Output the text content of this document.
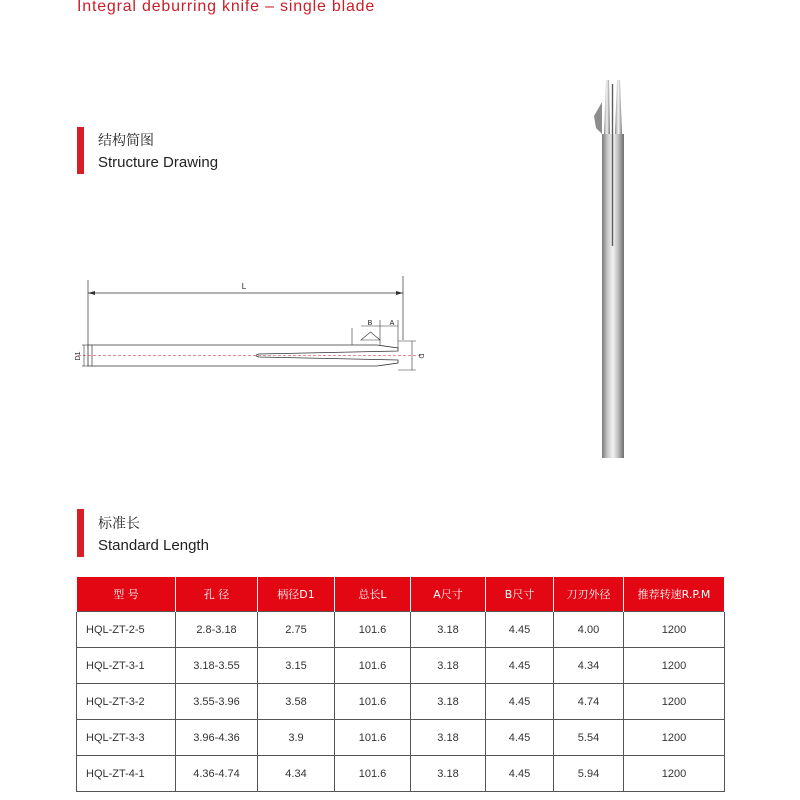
Integral deburring knife – single blade
结构简图
Structure Drawing
L
B A
D1	D
标准长
Standard Length
型 号	孔 径	柄径D1	总长L	A尺寸	B尺寸	刀刃外径	推荐转速R.P.M
HQL-ZT-2-5	2.8-3.18	2.75	101.6	3.18	4.45	4.00	1200
HQL-ZT-3-1	3.18-3.55	3.15	101.6	3.18	4.45	4.34	1200
HQL-ZT-3-2	3.55-3.96	3.58	101.6	3.18	4.45	4.74	1200
HQL-ZT-3-3	3.96-4.36	3.9	101.6	3.18	4.45	5.54	1200
HQL-ZT-4-1	4.36-4.74	4.34	101.6	3.18	4.45	5.94	1200
